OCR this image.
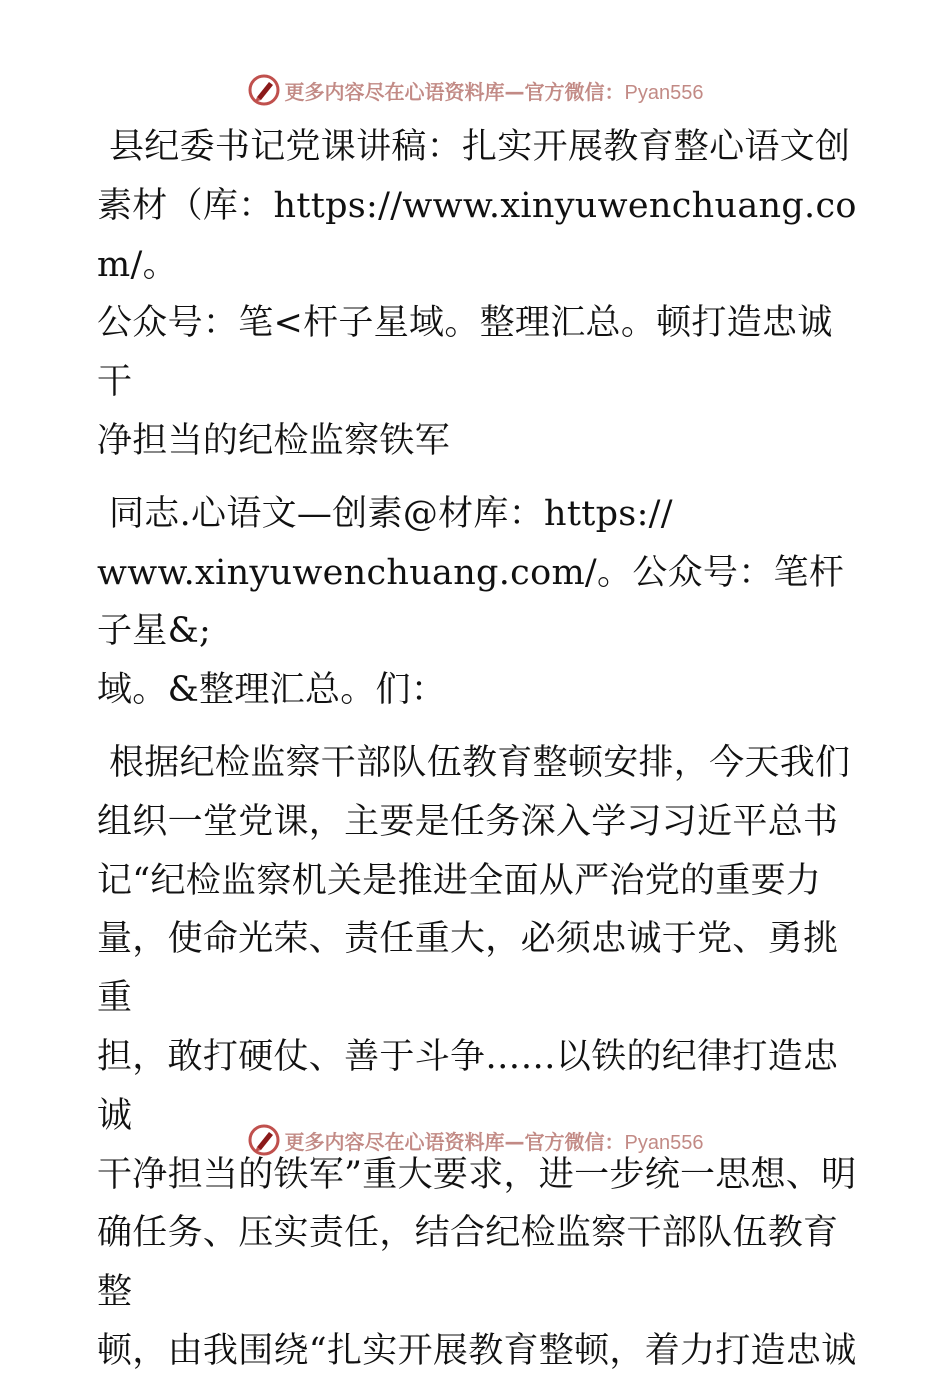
更多内容尽在心语资料库—官方微信：Pyan556
县纪委书记党课讲稿：扎实开展教育整心语文创
素材（库：https://www.xinyuwenchuang.com/。
公众号：笔<杆子星域。整理汇总。顿打造忠诚干
净担当的纪检监察铁军
同志.心语文—创素@材库：https://
www.xinyuwenchuang.com/。公众号：笔杆子星&;
域。&整理汇总。们：
根据纪检监察干部队伍教育整顿安排，今天我们
组织一堂党课，主要是任务深入学习习近平总书
记“纪检监察机关是推进全面从严治党的重要力
量，使命光荣、责任重大，必须忠诚于党、勇挑重
担，敢打硬仗、善于斗争……以铁的纪律打造忠诚
干净担当的铁军”重大要求，进一步统一思想、明
确任务、压实责任，结合纪检监察干部队伍教育整
顿，由我围绕“扎实开展教育整顿，着力打造忠诚
更多内容尽在心语资料库—官方微信：Pyan556
